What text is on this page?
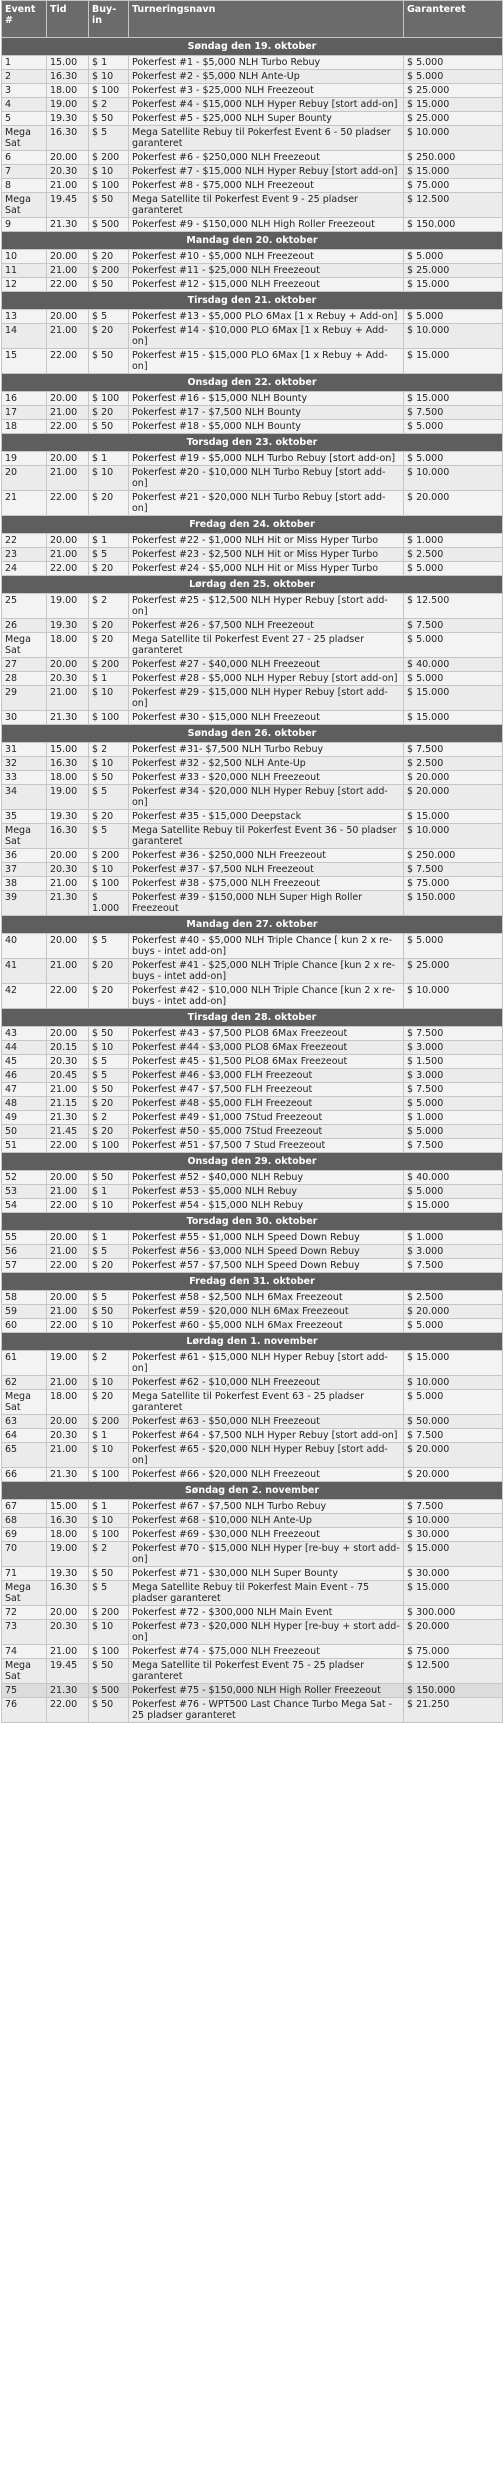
Event #	Tid	Buy-in	Turneringsnavn	Garanteret
Søndag den 19. oktober				
1	15.00	$ 1	Pokerfest #1 - $5,000 NLH Turbo Rebuy	$ 5.000
2	16.30	$ 10	Pokerfest #2 - $5,000 NLH Ante-Up	$ 5.000
3	18.00	$ 100	Pokerfest #3 - $25,000 NLH Freezeout	$ 25.000
4	19.00	$ 2	Pokerfest #4 - $15,000 NLH Hyper Rebuy [stort add-on]	$ 15.000
5	19.30	$ 50	Pokerfest #5 - $25,000 NLH Super Bounty	$ 25.000
Mega Sat	16.30	$ 5	Mega Satellite Rebuy til Pokerfest Event 6 - 50 pladser garanteret	$ 10.000
6	20.00	$ 200	Pokerfest #6 - $250,000 NLH Freezeout	$ 250.000
7	20.30	$ 10	Pokerfest #7 - $15,000 NLH Hyper Rebuy [stort add-on]	$ 15.000
8	21.00	$ 100	Pokerfest #8 - $75,000 NLH Freezeout	$ 75.000
Mega Sat	19.45	$ 50	Mega Satellite til Pokerfest Event 9 - 25 pladser garanteret	$ 12.500
9	21.30	$ 500	Pokerfest #9 - $150,000 NLH High Roller Freezeout	$ 150.000
Mandag den 20. oktober				
10	20.00	$ 20	Pokerfest #10 - $5,000 NLH Freezeout	$ 5.000
11	21.00	$ 200	Pokerfest #11 - $25,000 NLH Freezeout	$ 25.000
12	22.00	$ 50	Pokerfest #12 - $15,000 NLH Freezeout	$ 15.000
Tirsdag den 21. oktober				
13	20.00	$ 5	Pokerfest #13 - $5,000 PLO 6Max [1 x Rebuy + Add-on]	$ 5.000
14	21.00	$ 20	Pokerfest #14 - $10,000 PLO 6Max [1 x Rebuy + Add-on]	$ 10.000
15	22.00	$ 50	Pokerfest #15 - $15,000 PLO 6Max [1 x Rebuy + Add-on]	$ 15.000
Onsdag den 22. oktober				
16	20.00	$ 100	Pokerfest #16 - $15,000 NLH Bounty	$ 15.000
17	21.00	$ 20	Pokerfest #17 - $7,500 NLH Bounty	$ 7.500
18	22.00	$ 50	Pokerfest #18 - $5,000 NLH Bounty	$ 5.000
Torsdag den 23. oktober				
19	20.00	$ 1	Pokerfest #19 - $5,000 NLH Turbo Rebuy [stort add-on]	$ 5.000
20	21.00	$ 10	Pokerfest #20 - $10,000 NLH Turbo Rebuy [stort add-on]	$ 10.000
21	22.00	$ 20	Pokerfest #21 - $20,000 NLH Turbo Rebuy [stort add-on]	$ 20.000
Fredag den 24. oktober				
22	20.00	$ 1	Pokerfest #22 - $1,000 NLH Hit or Miss Hyper Turbo	$ 1.000
23	21.00	$ 5	Pokerfest #23 - $2,500 NLH Hit or Miss Hyper Turbo	$ 2.500
24	22.00	$ 20	Pokerfest #24 - $5,000 NLH Hit or Miss Hyper Turbo	$ 5.000
Lørdag den 25. oktober				
25	19.00	$ 2	Pokerfest #25 - $12,500 NLH Hyper Rebuy [stort add-on]	$ 12.500
26	19.30	$ 20	Pokerfest #26 - $7,500 NLH Freezeout	$ 7.500
Mega Sat	18.00	$ 20	Mega Satellite til Pokerfest Event 27 - 25 pladser garanteret	$ 5.000
27	20.00	$ 200	Pokerfest #27 - $40,000 NLH Freezeout	$ 40.000
28	20.30	$ 1	Pokerfest #28 - $5,000 NLH Hyper Rebuy [stort add-on]	$ 5.000
29	21.00	$ 10	Pokerfest #29 - $15,000 NLH Hyper Rebuy [stort add-on]	$ 15.000
30	21.30	$ 100	Pokerfest #30 - $15,000 NLH Freezeout	$ 15.000
Søndag den 26. oktober				
31	15.00	$ 2	Pokerfest #31- $7,500 NLH Turbo Rebuy	$ 7.500
32	16.30	$ 10	Pokerfest #32 - $2,500 NLH Ante-Up	$ 2.500
33	18.00	$ 50	Pokerfest #33 - $20,000 NLH Freezeout	$ 20.000
34	19.00	$ 5	Pokerfest #34 - $20,000 NLH Hyper Rebuy [stort add-on]	$ 20.000
35	19.30	$ 20	Pokerfest #35 - $15,000 Deepstack	$ 15.000
Mega Sat	16.30	$ 5	Mega Satellite Rebuy til Pokerfest Event 36 - 50 pladser garanteret	$ 10.000
36	20.00	$ 200	Pokerfest #36 - $250,000 NLH Freezeout	$ 250.000
37	20.30	$ 10	Pokerfest #37 - $7,500 NLH Freezeout	$ 7.500
38	21.00	$ 100	Pokerfest #38 - $75,000 NLH Freezeout	$ 75.000
39	21.30	$ 1.000	Pokerfest #39 - $150,000 NLH Super High Roller Freezeout	$ 150.000
Mandag den 27. oktober				
40	20.00	$ 5	Pokerfest #40 - $5,000 NLH Triple Chance [ kun 2 x re-buys - intet add-on]	$ 5.000
41	21.00	$ 20	Pokerfest #41 - $25,000 NLH Triple Chance [kun 2 x re-buys - intet add-on]	$ 25.000
42	22.00	$ 20	Pokerfest #42 - $10,000 NLH Triple Chance [kun 2 x re-buys - intet add-on]	$ 10.000
Tirsdag den 28. oktober				
43	20.00	$ 50	Pokerfest #43 - $7,500 PLO8 6Max Freezeout	$ 7.500
44	20.15	$ 10	Pokerfest #44 - $3,000 PLO8 6Max Freezeout	$ 3.000
45	20.30	$ 5	Pokerfest #45 - $1,500 PLO8 6Max Freezeout	$ 1.500
46	20.45	$ 5	Pokerfest #46 - $3,000 FLH Freezeout	$ 3.000
47	21.00	$ 50	Pokerfest #47 - $7,500 FLH Freezeout	$ 7.500
48	21.15	$ 20	Pokerfest #48 - $5,000 FLH Freezeout	$ 5.000
49	21.30	$ 2	Pokerfest #49 - $1,000 7Stud Freezeout	$ 1.000
50	21.45	$ 20	Pokerfest #50 - $5,000 7Stud Freezeout	$ 5.000
51	22.00	$ 100	Pokerfest #51 - $7,500 7 Stud Freezeout	$ 7.500
Onsdag den 29. oktober				
52	20.00	$ 50	Pokerfest #52 - $40,000 NLH Rebuy	$ 40.000
53	21.00	$ 1	Pokerfest #53 - $5,000 NLH Rebuy	$ 5.000
54	22.00	$ 10	Pokerfest #54 - $15,000 NLH Rebuy	$ 15.000
Torsdag den 30. oktober				
55	20.00	$ 1	Pokerfest #55 - $1,000 NLH Speed Down Rebuy	$ 1.000
56	21.00	$ 5	Pokerfest #56 - $3,000 NLH Speed Down Rebuy	$ 3.000
57	22.00	$ 20	Pokerfest #57 - $7,500 NLH Speed Down Rebuy	$ 7.500
Fredag den 31. oktober				
58	20.00	$ 5	Pokerfest #58 - $2,500 NLH 6Max Freezeout	$ 2.500
59	21.00	$ 50	Pokerfest #59 - $20,000 NLH 6Max Freezeout	$ 20.000
60	22.00	$ 10	Pokerfest #60 - $5,000 NLH 6Max Freezeout	$ 5.000
Lørdag den 1. november				
61	19.00	$ 2	Pokerfest #61 - $15,000 NLH Hyper Rebuy [stort add-on]	$ 15.000
62	21.00	$ 10	Pokerfest #62 - $10,000 NLH Freezeout	$ 10.000
Mega Sat	18.00	$ 20	Mega Satellite til Pokerfest Event 63 - 25 pladser garanteret	$ 5.000
63	20.00	$ 200	Pokerfest #63 - $50,000 NLH Freezeout	$ 50.000
64	20.30	$ 1	Pokerfest #64 - $7,500 NLH Hyper Rebuy [stort add-on]	$ 7.500
65	21.00	$ 10	Pokerfest #65 - $20,000 NLH Hyper Rebuy [stort add-on]	$ 20.000
66	21.30	$ 100	Pokerfest #66 - $20,000 NLH Freezeout	$ 20.000
Søndag den 2. november				
67	15.00	$ 1	Pokerfest #67 - $7,500 NLH Turbo Rebuy	$ 7.500
68	16.30	$ 10	Pokerfest #68 - $10,000 NLH Ante-Up	$ 10.000
69	18.00	$ 100	Pokerfest #69 - $30,000 NLH Freezeout	$ 30.000
70	19.00	$ 2	Pokerfest #70 - $15,000 NLH Hyper [re-buy + stort add-on]	$ 15.000
71	19.30	$ 50	Pokerfest #71 - $30,000 NLH Super Bounty	$ 30.000
Mega Sat	16.30	$ 5	Mega Satellite Rebuy til Pokerfest Main Event - 75 pladser garanteret	$ 15.000
72	20.00	$ 200	Pokerfest #72 - $300,000 NLH Main Event	$ 300.000
73	20.30	$ 10	Pokerfest #73 - $20,000 NLH Hyper [re-buy + stort add-on]	$ 20.000
74	21.00	$ 100	Pokerfest #74 - $75,000 NLH Freezeout	$ 75.000
Mega Sat	19.45	$ 50	Mega Satellite til Pokerfest Event 75 - 25 pladser garanteret	$ 12.500
75	21.30	$ 500	Pokerfest #75 - $150,000 NLH High Roller Freezeout	$ 150.000
76	22.00	$ 50	Pokerfest #76 - WPT500 Last Chance Turbo Mega Sat - 25 pladser garanteret	$ 21.250
